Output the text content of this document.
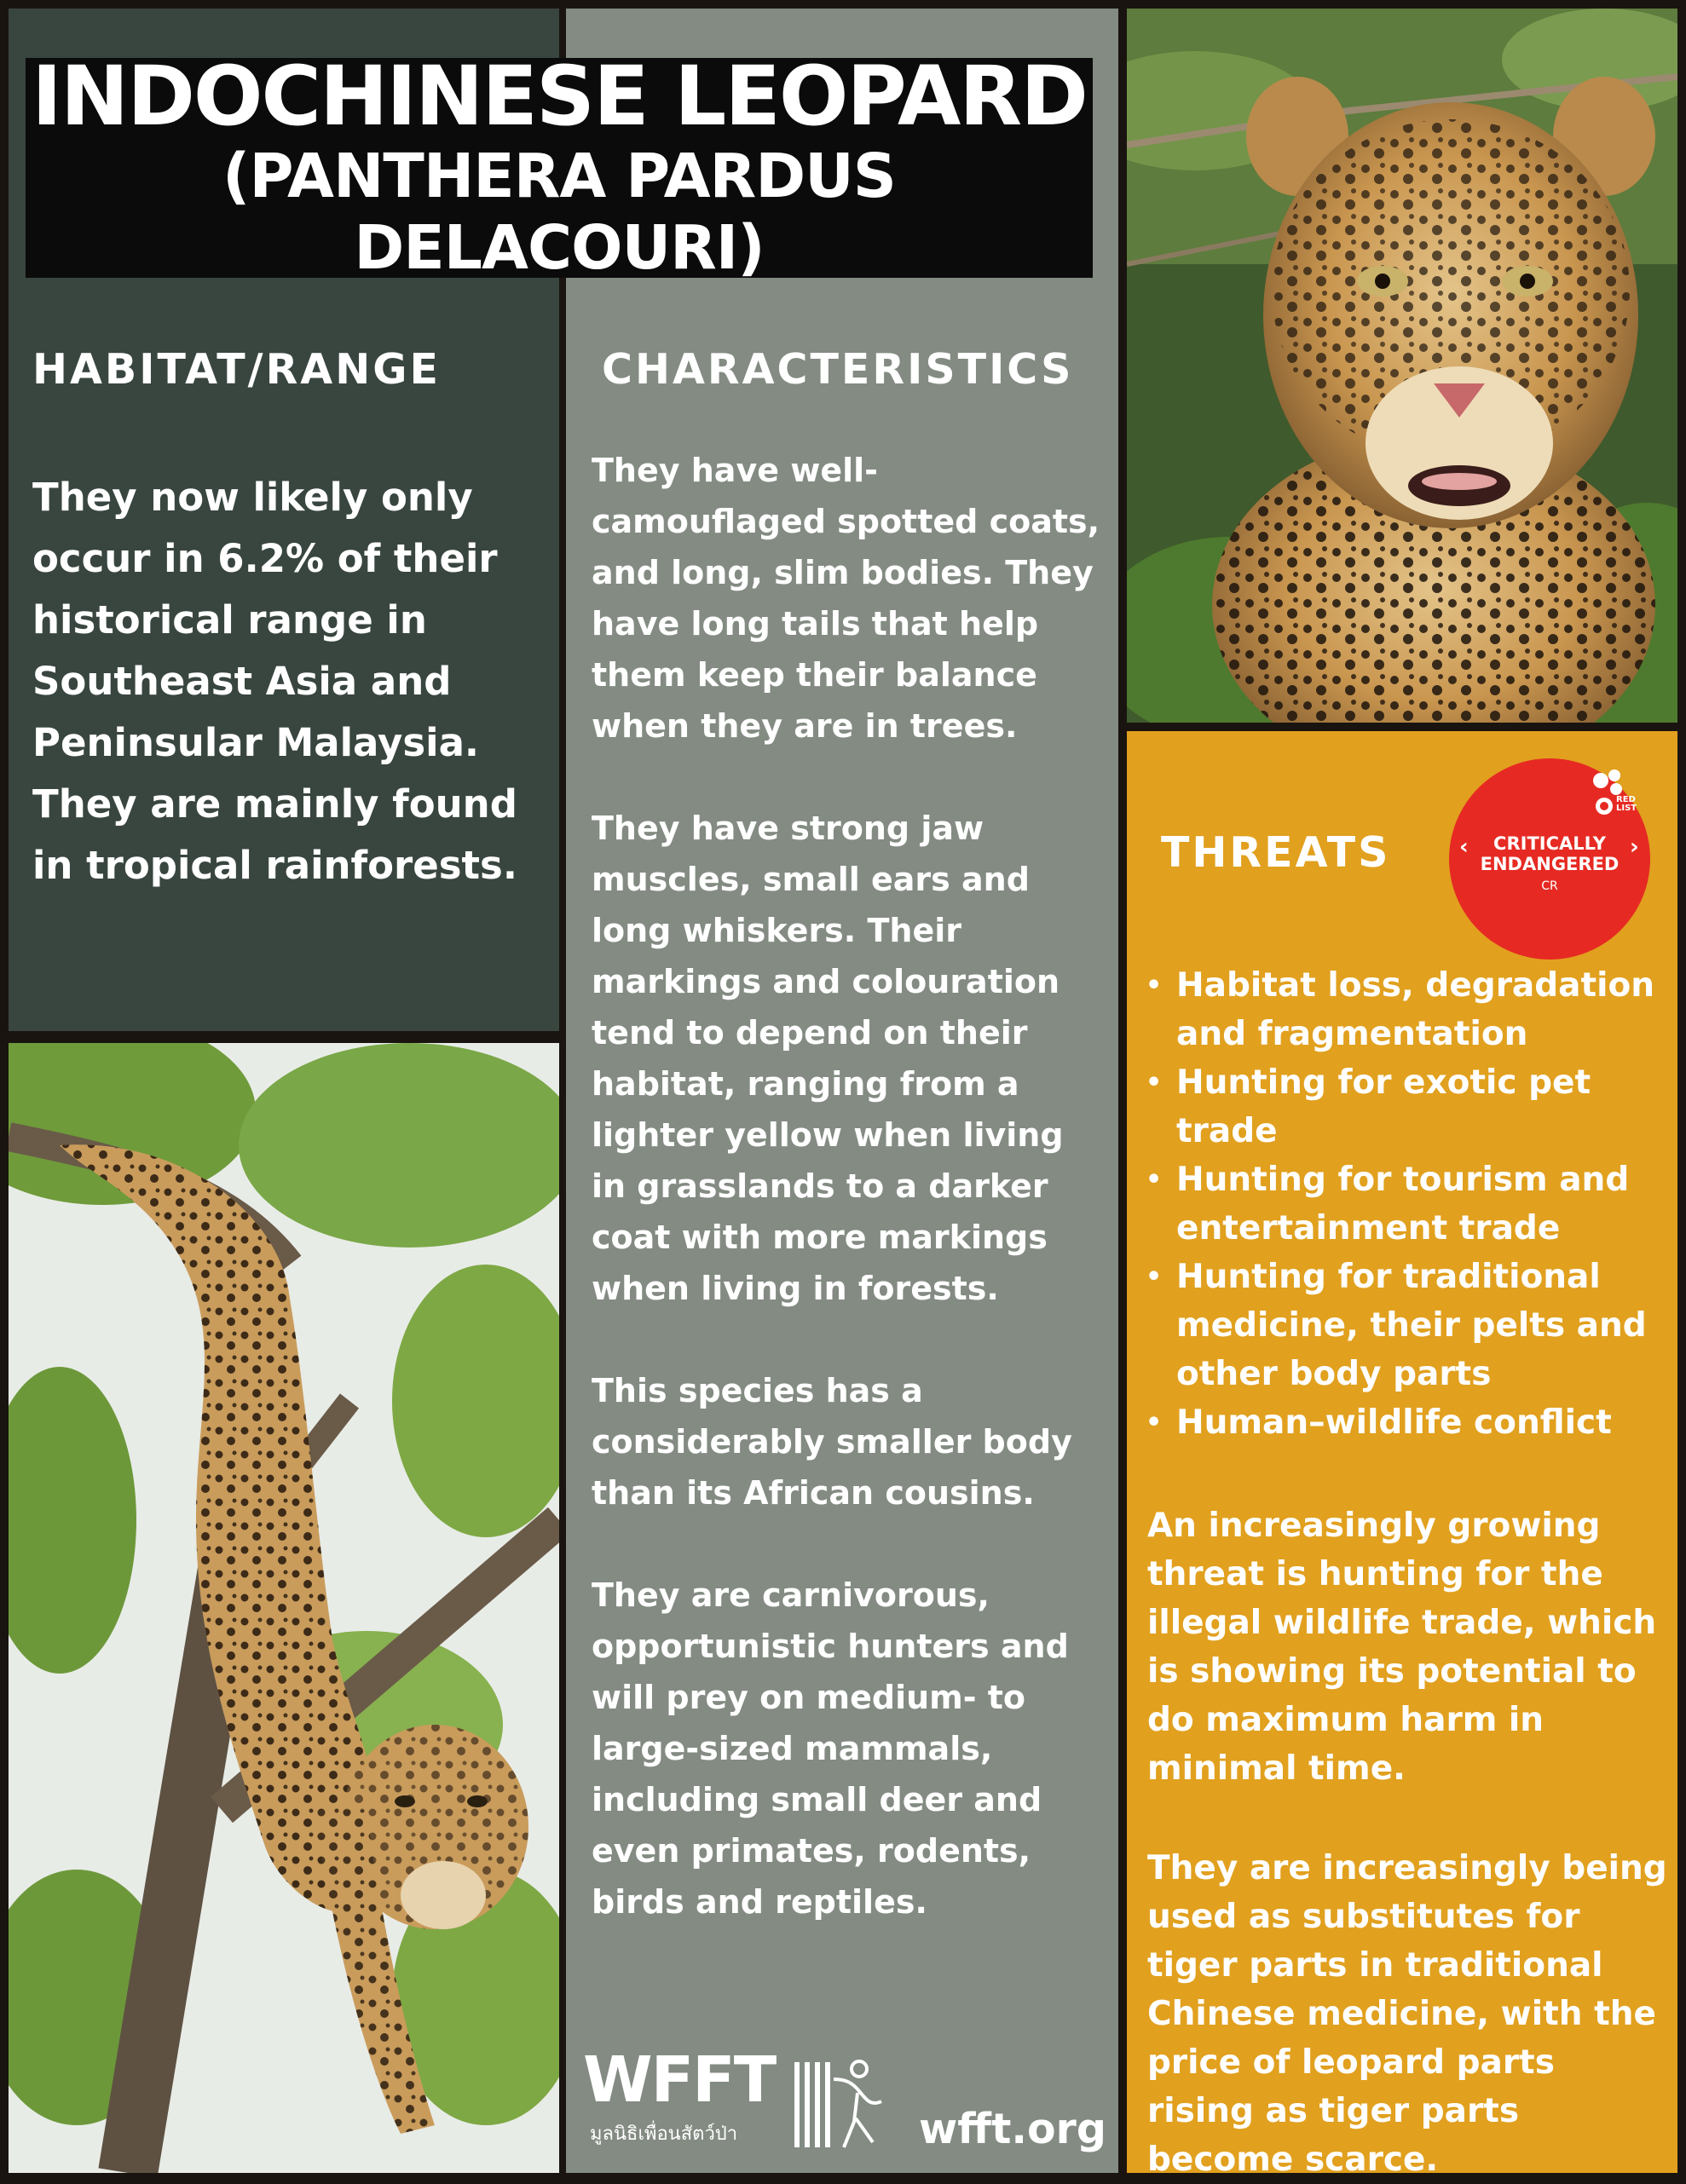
INDOCHINESE LEOPARD
(PANTHERA PARDUS DELACOURI)
HABITAT/RANGE
They now likely only occur in 6.2% of their historical range in Southeast Asia and Peninsular Malaysia. They are mainly found in tropical rainforests.
CHARACTERISTICS

They have well-camouflaged spotted coats, and long, slim bodies. They have long tails that help them keep their balance when they are in trees.

They have strong jaw muscles, small ears and long whiskers. Their markings and colouration tend to depend on their habitat, ranging from a lighter yellow when living in grasslands to a darker coat with more markings when living in forests.

This species has a considerably smaller body than its African cousins.

They are carnivorous, opportunistic hunters and will prey on medium- to large-sized mammals, including small deer and even primates, rodents, birds and reptiles.

THREATS	‹	›
RED LIST
CRITICALLY
ENDANGERED
CR
• Habitat loss, degradation and fragmentation
• Hunting for exotic pet trade
• Hunting for tourism and entertainment trade
• Hunting for traditional medicine, their pelts and other body parts
• Human–wildlife conflict
An increasingly growing threat is hunting for the illegal wildlife trade, which is showing its potential to do maximum harm in minimal time.
They are increasingly being used as substitutes for tiger parts in traditional Chinese medicine, with the price of leopard parts rising as tiger parts become scarce.
WFFT
มูลนิธิเพื่อนสัตว์ป่า	wfft.org
